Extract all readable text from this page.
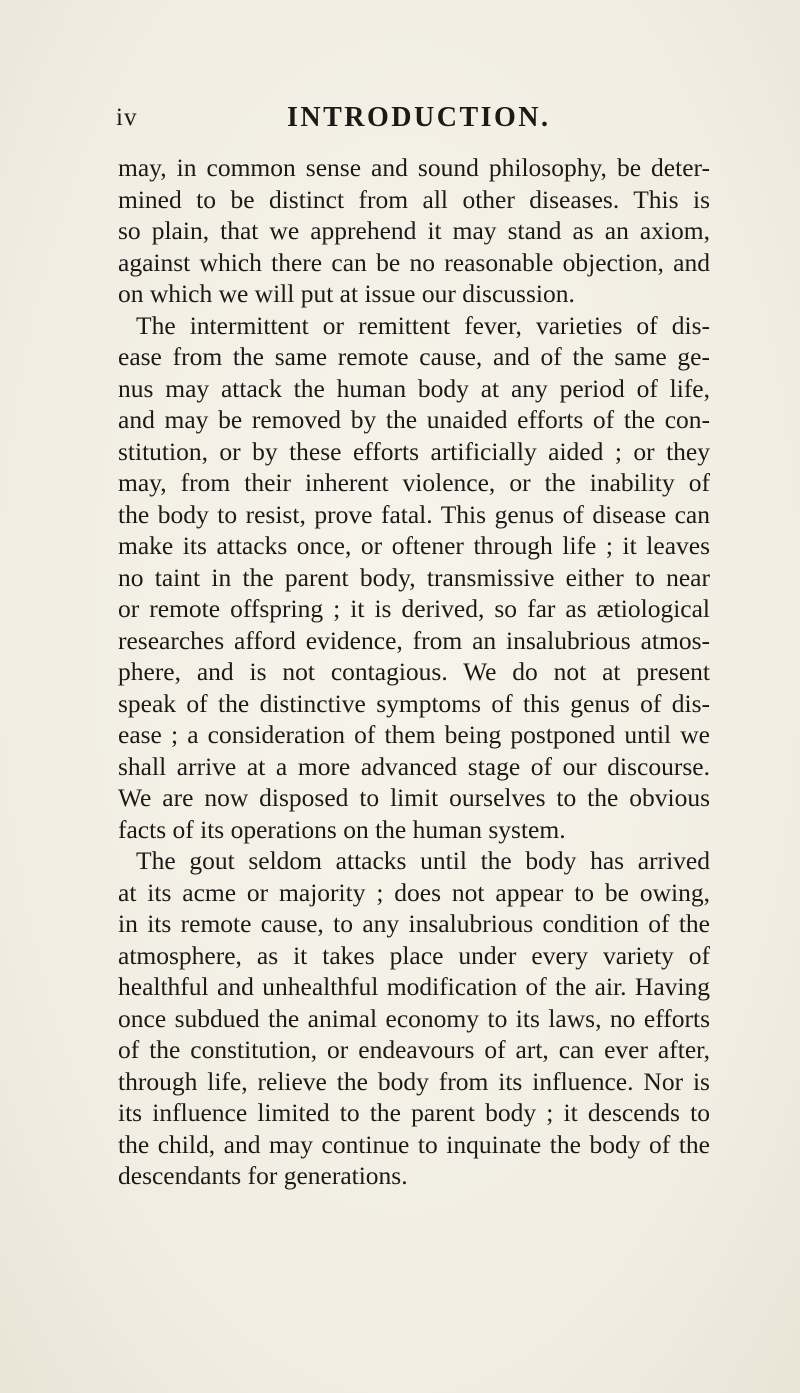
iv	INTRODUCTION.
may, in common sense and sound philosophy, be deter-
mined to be distinct from all other diseases. This is
so plain, that we apprehend it may stand as an axiom,
against which there can be no reasonable objection, and
on which we will put at issue our discussion.
The intermittent or remittent fever, varieties of dis-
ease from the same remote cause, and of the same ge-
nus may attack the human body at any period of life,
and may be removed by the unaided efforts of the con-
stitution, or by these efforts artificially aided ; or they
may, from their inherent violence, or the inability of
the body to resist, prove fatal. This genus of disease can
make its attacks once, or oftener through life ; it leaves
no taint in the parent body, transmissive either to near
or remote offspring ; it is derived, so far as ætiological
researches afford evidence, from an insalubrious atmos-
phere, and is not contagious. We do not at present
speak of the distinctive symptoms of this genus of dis-
ease ; a consideration of them being postponed until we
shall arrive at a more advanced stage of our discourse.
We are now disposed to limit ourselves to the obvious
facts of its operations on the human system.
The gout seldom attacks until the body has arrived
at its acme or majority ; does not appear to be owing,
in its remote cause, to any insalubrious condition of the
atmosphere, as it takes place under every variety of
healthful and unhealthful modification of the air. Having
once subdued the animal economy to its laws, no efforts
of the constitution, or endeavours of art, can ever after,
through life, relieve the body from its influence. Nor is
its influence limited to the parent body ; it descends to
the child, and may continue to inquinate the body of the
descendants for generations.
